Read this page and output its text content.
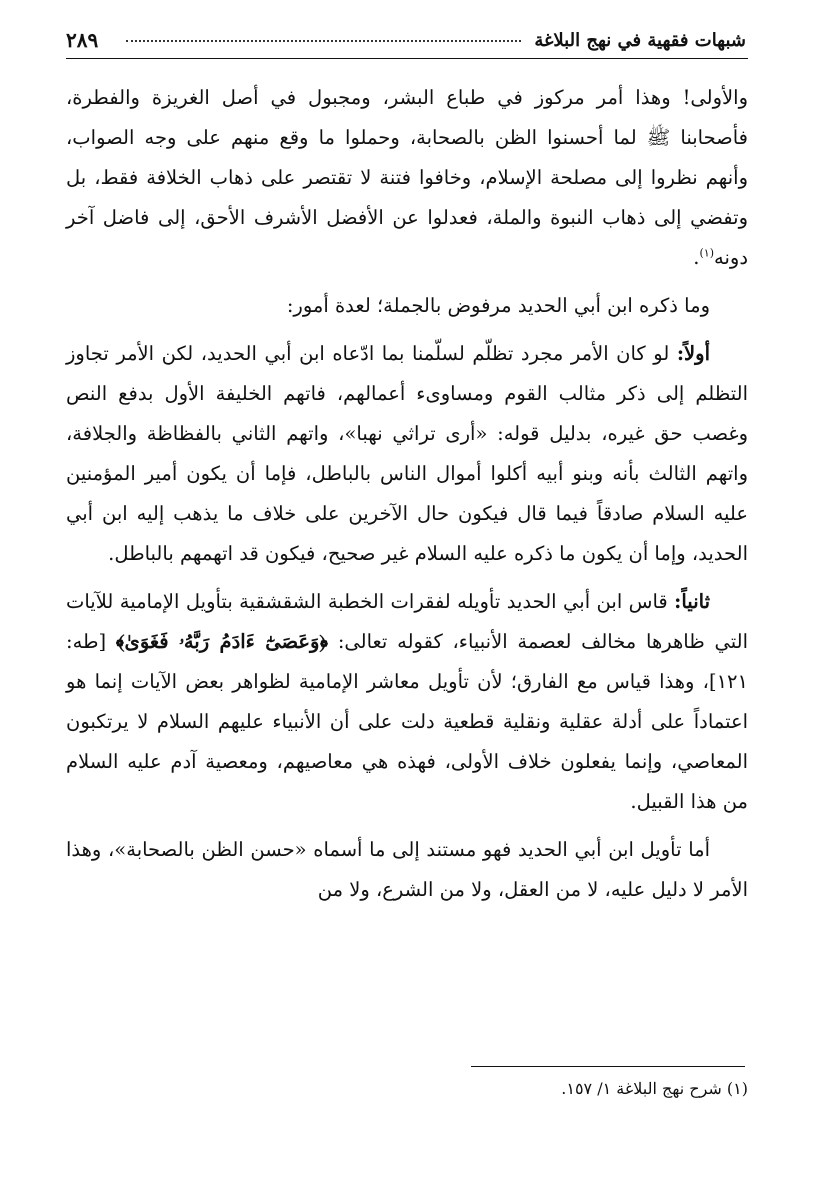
شبهات فقهية في نهج البلاغة
٢٨٩

والأولى! وهذا أمر مركوز في طباع البشر، ومجبول في أصل الغريزة والفطرة، فأصحابنا ﷺ لما أحسنوا الظن بالصحابة، وحملوا ما وقع منهم على وجه الصواب، وأنهم نظروا إلى مصلحة الإسلام، وخافوا فتنة لا تقتصر على ذهاب الخلافة فقط، بل وتفضي إلى ذهاب النبوة والملة، فعدلوا عن الأفضل الأشرف الأحق، إلى فاضل آخر دونه$^{(١)}$.

وما ذكره ابن أبي الحديد مرفوض بالجملة؛ لعدة أمور:

أولاً: لو كان الأمر مجرد تظلّم لسلّمنا بما ادّعاه ابن أبي الحديد، لكن الأمر تجاوز التظلم إلى ذكر مثالب القوم ومساوىء أعمالهم، فاتهم الخليفة الأول بدفع النص وغصب حق غيره، بدليل قوله: «أرى تراثي نهبا»، واتهم الثاني بالفظاظة والجلافة، واتهم الثالث بأنه وبنو أبيه أكلوا أموال الناس بالباطل، فإما أن يكون أمير المؤمنين عليه السلام صادقاً فيما قال فيكون حال الآخرين على خلاف ما يذهب إليه ابن أبي الحديد، وإما أن يكون ما ذكره عليه السلام غير صحيح، فيكون قد اتهمهم بالباطل.

ثانياً: قاس ابن أبي الحديد تأويله لفقرات الخطبة الشقشقية بتأويل الإمامية للآيات التي ظاهرها مخالف لعصمة الأنبياء، كقوله تعالى: ﴿وَعَصَىٰٓ ءَادَمُ رَبَّهُۥ فَغَوَىٰ﴾ [طه: ١٢١]، وهذا قياس مع الفارق؛ لأن تأويل معاشر الإمامية لظواهر بعض الآيات إنما هو اعتماداً على أدلة عقلية ونقلية قطعية دلت على أن الأنبياء عليهم السلام لا يرتكبون المعاصي، وإنما يفعلون خلاف الأولى، فهذه هي معاصيهم، ومعصية آدم عليه السلام من هذا القبيل.

أما تأويل ابن أبي الحديد فهو مستند إلى ما أسماه «حسن الظن بالصحابة»، وهذا الأمر لا دليل عليه، لا من العقل، ولا من الشرع، ولا من

(١) شرح نهج البلاغة ١/ ١٥٧.
